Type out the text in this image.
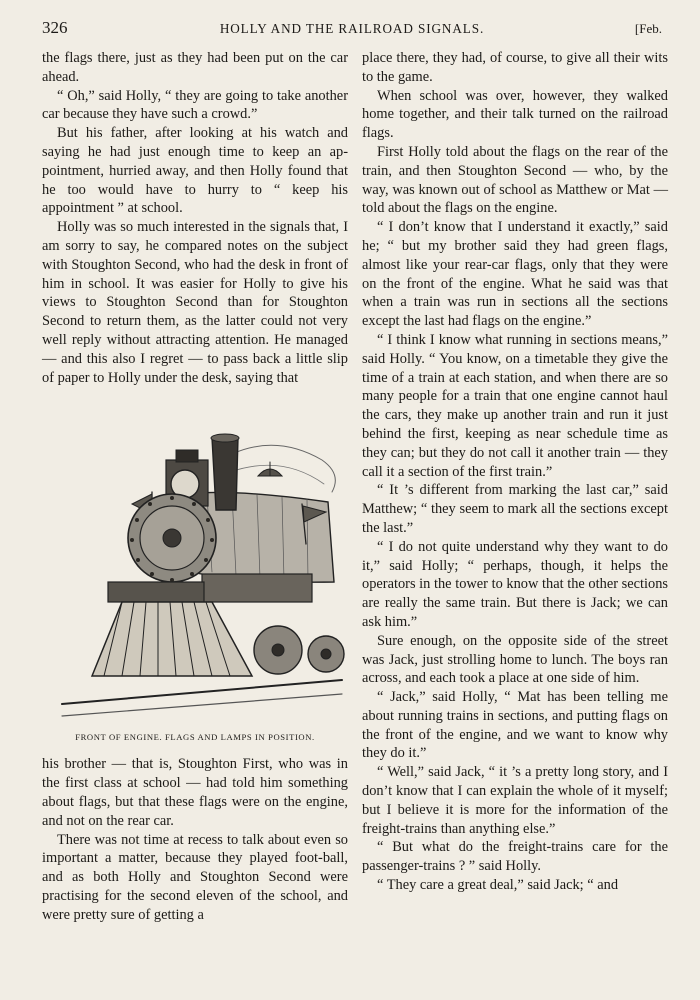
326	HOLLY AND THE RAILROAD SIGNALS.	[Feb.

the flags there, just as they had been put on the car ahead.

“ Oh,” said Holly, “ they are going to take another car because they have such a crowd.”

But his father, after looking at his watch and saying he had just enough time to keep an appointment, hurried away, and then Holly found that he too would have to hurry to “ keep his appointment ” at school.

Holly was so much interested in the signals that, I am sorry to say, he compared notes on the subject with Stoughton Second, who had the desk in front of him in school. It was easier for Holly to give his views to Stoughton Second than for Stoughton Second to return them, as the latter could not very well reply without attracting attention. He managed — and this also I regret — to pass back a little slip of paper to Holly under the desk, saying that

FRONT OF ENGINE. FLAGS AND LAMPS IN POSITION.

his brother — that is, Stoughton First, who was in the first class at school — had told him something about flags, but that these flags were on the engine, and not on the rear car.

There was not time at recess to talk about even so important a matter, because they played foot-ball, and as both Holly and Stoughton Second were practising for the second eleven of the school, and were pretty sure of getting a

place there, they had, of course, to give all their wits to the game.

When school was over, however, they walked home together, and their talk turned on the railroad flags.

First Holly told about the flags on the rear of the train, and then Stoughton Second — who, by the way, was known out of school as Matthew or Mat — told about the flags on the engine.

“ I don’t know that I understand it exactly,” said he; “ but my brother said they had green flags, almost like your rear-car flags, only that they were on the front of the engine. What he said was that when a train was run in sections all the sections except the last had flags on the engine.”

“ I think I know what running in sections means,” said Holly. “ You know, on a timetable they give the time of a train at each station, and when there are so many people for a train that one engine cannot haul the cars, they make up another train and run it just behind the first, keeping as near schedule time as they can; but they do not call it another train — they call it a section of the first train.”

“ It ’s different from marking the last car,” said Matthew; “ they seem to mark all the sections except the last.”

“ I do not quite understand why they want to do it,” said Holly; “ perhaps, though, it helps the operators in the tower to know that the other sections are really the same train. But there is Jack; we can ask him.”

Sure enough, on the opposite side of the street was Jack, just strolling home to lunch. The boys ran across, and each took a place at one side of him.

“ Jack,” said Holly, “ Mat has been telling me about running trains in sections, and putting flags on the front of the engine, and we want to know why they do it.”

“ Well,” said Jack, “ it ’s a pretty long story, and I don’t know that I can explain the whole of it myself; but I believe it is more for the information of the freight-trains than anything else.”

“ But what do the freight-trains care for the passenger-trains ? ” said Holly.

“ They care a great deal,” said Jack; “ and
